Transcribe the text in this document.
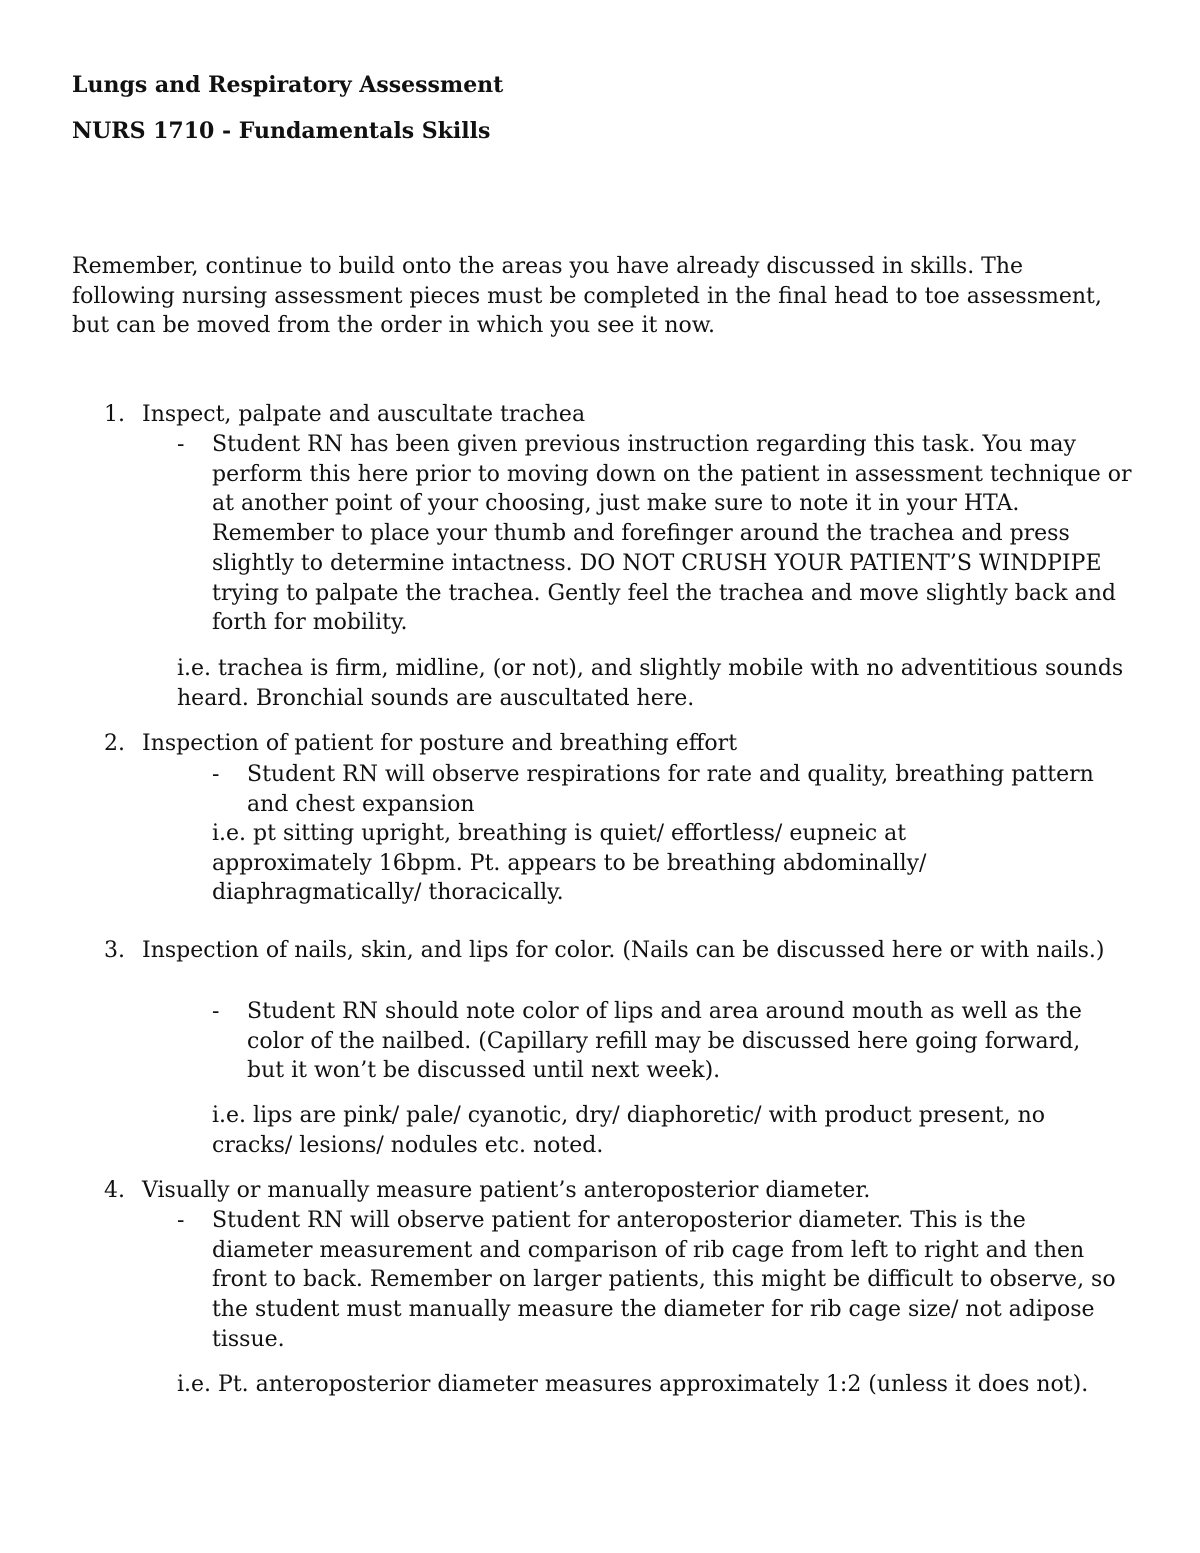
Lungs and Respiratory Assessment

NURS 1710 - Fundamentals Skills

Remember, continue to build onto the areas you have already discussed in skills. The following nursing assessment pieces must be completed in the final head to toe assessment, but can be moved from the order in which you see it now.

1. Inspect, palpate and auscultate trachea

- Student RN has been given previous instruction regarding this task. You may perform this here prior to moving down on the patient in assessment technique or at another point of your choosing, just make sure to note it in your HTA. Remember to place your thumb and forefinger around the trachea and press slightly to determine intactness. DO NOT CRUSH YOUR PATIENT’S WINDPIPE trying to palpate the trachea. Gently feel the trachea and move slightly back and forth for mobility.

i.e. trachea is firm, midline, (or not), and slightly mobile with no adventitious sounds heard. Bronchial sounds are auscultated here.

2. Inspection of patient for posture and breathing effort

- Student RN will observe respirations for rate and quality, breathing pattern and chest expansion

i.e. pt sitting upright, breathing is quiet/ effortless/ eupneic at approximately 16bpm. Pt. appears to be breathing abdominally/ diaphragmatically/ thoracically.

3. Inspection of nails, skin, and lips for color. (Nails can be discussed here or with nails.)

- Student RN should note color of lips and area around mouth as well as the color of the nailbed. (Capillary refill may be discussed here going forward, but it won’t be discussed until next week).

i.e. lips are pink/ pale/ cyanotic, dry/ diaphoretic/ with product present, no cracks/ lesions/ nodules etc. noted.

4. Visually or manually measure patient’s anteroposterior diameter.

- Student RN will observe patient for anteroposterior diameter. This is the diameter measurement and comparison of rib cage from left to right and then front to back. Remember on larger patients, this might be difficult to observe, so the student must manually measure the diameter for rib cage size/ not adipose tissue.

i.e. Pt. anteroposterior diameter measures approximately 1:2 (unless it does not).
